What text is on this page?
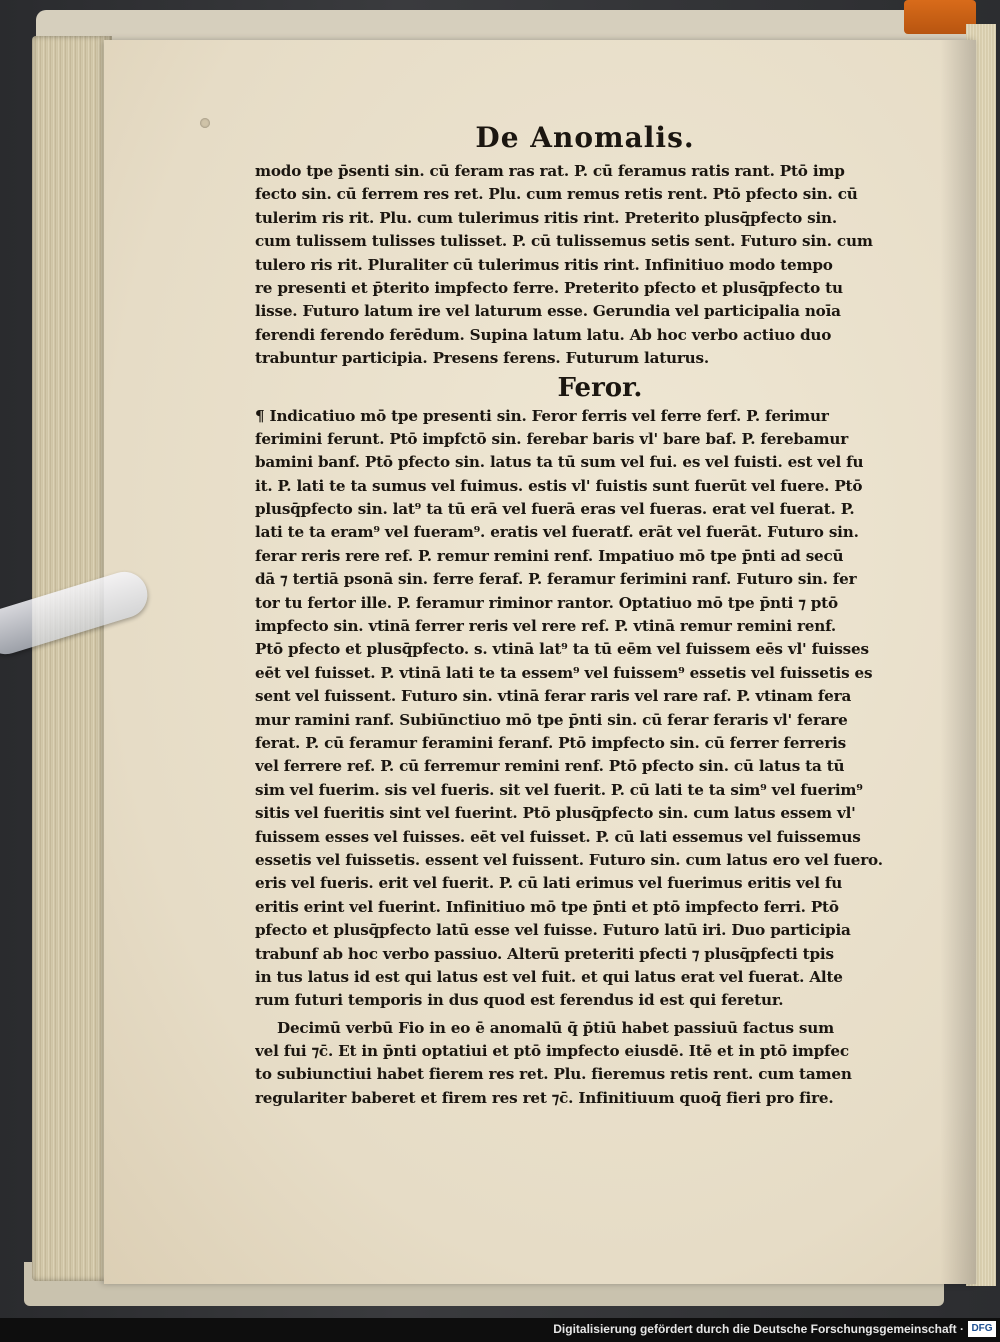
De Anomalis.
modo tpe p̄senti sin. cū feram ras rat. P. cū feramus ratis rant. Ptō imp
fecto sin. cū ferrem res ret. Plu. cum remus retis rent. Ptō pfecto sin. cū
tulerim ris rit. Plu. cum tulerimus ritis rint. Preterito plusq̄pfecto sin.
cum tulissem tulisses tulisset. P. cū tulissemus setis sent. Futuro sin. cum
tulero ris rit. Pluraliter cū tulerimus ritis rint. Infinitiuo modo tempo
re presenti et p̄terito impfecto ferre. Preterito pfecto et plusq̄pfecto tu
lisse. Futuro latum ire vel laturum esse. Gerundia vel participalia noīa
ferendi ferendo ferēdum. Supina latum latu. Ab hoc verbo actiuo duo
trabuntur participia. Presens ferens. Futurum laturus.
Feror.
¶ Indicatiuo mō tpe presenti sin. Feror ferris vel ferre ferf. P. ferimur
ferimini ferunt. Ptō impfctō sin. ferebar baris vl' bare baf. P. ferebamur
bamini banf. Ptō pfecto sin. latus ta tū sum vel fui. es vel fuisti. est vel fu
it. P. lati te ta sumus vel fuimus. estis vl' fuistis sunt fuerūt vel fuere. Ptō
plusq̄pfecto sin. lat⁹ ta tū erā vel fuerā eras vel fueras. erat vel fuerat. P.
lati te ta eram⁹ vel fueram⁹. eratis vel fueratf. erāt vel fuerāt. Futuro sin.
ferar reris rere ref. P. remur remini renf. Impatiuo mō tpe p̄nti ad secū
dā ⁊ tertiā psonā sin. ferre feraf. P. feramur ferimini ranf. Futuro sin. fer
tor tu fertor ille. P. feramur riminor rantor. Optatiuo mō tpe p̄nti ⁊ ptō
impfecto sin. vtinā ferrer reris vel rere ref. P. vtinā remur remini renf.
Ptō pfecto et plusq̄pfecto. s. vtinā lat⁹ ta tū eēm vel fuissem eēs vl' fuisses
eēt vel fuisset. P. vtinā lati te ta essem⁹ vel fuissem⁹ essetis vel fuissetis es
sent vel fuissent. Futuro sin. vtinā ferar raris vel rare raf. P. vtinam fera
mur ramini ranf. Subiūnctiuo mō tpe p̄nti sin. cū ferar feraris vl' ferare
ferat. P. cū feramur feramini feranf. Ptō impfecto sin. cū ferrer ferreris
vel ferrere ref. P. cū ferremur remini renf. Ptō pfecto sin. cū latus ta tū
sim vel fuerim. sis vel fueris. sit vel fuerit. P. cū lati te ta sim⁹ vel fuerim⁹
sitis vel fueritis sint vel fuerint. Ptō plusq̄pfecto sin. cum latus essem vl'
fuissem esses vel fuisses. eēt vel fuisset. P. cū lati essemus vel fuissemus
essetis vel fuissetis. essent vel fuissent. Futuro sin. cum latus ero vel fuero.
eris vel fueris. erit vel fuerit. P. cū lati erimus vel fuerimus eritis vel fu
eritis erint vel fuerint. Infinitiuo mō tpe p̄nti et ptō impfecto ferri. Ptō
pfecto et plusq̄pfecto latū esse vel fuisse. Futuro latū iri. Duo participia
trabunf ab hoc verbo passiuo. Alterū preteriti pfecti ⁊ plusq̄pfecti tpis
in tus latus id est qui latus est vel fuit. et qui latus erat vel fuerat. Alte
rum futuri temporis in dus quod est ferendus id est qui feretur.
Decimū verbū Fio in eo ē anomalū q̄ p̄tiū habet passiuū factus sum
vel fui ⁊c̄. Et in p̄nti optatiui et ptō impfecto eiusdē. Itē et in ptō impfec
to subiunctiui habet fierem res ret. Plu. fieremus retis rent. cum tamen
regulariter baberet et firem res ret ⁊c̄. Infinitiuum quoq̄ fieri pro fire.
Digitalisierung gefördert durch die Deutsche Forschungsgemeinschaft · DFG
